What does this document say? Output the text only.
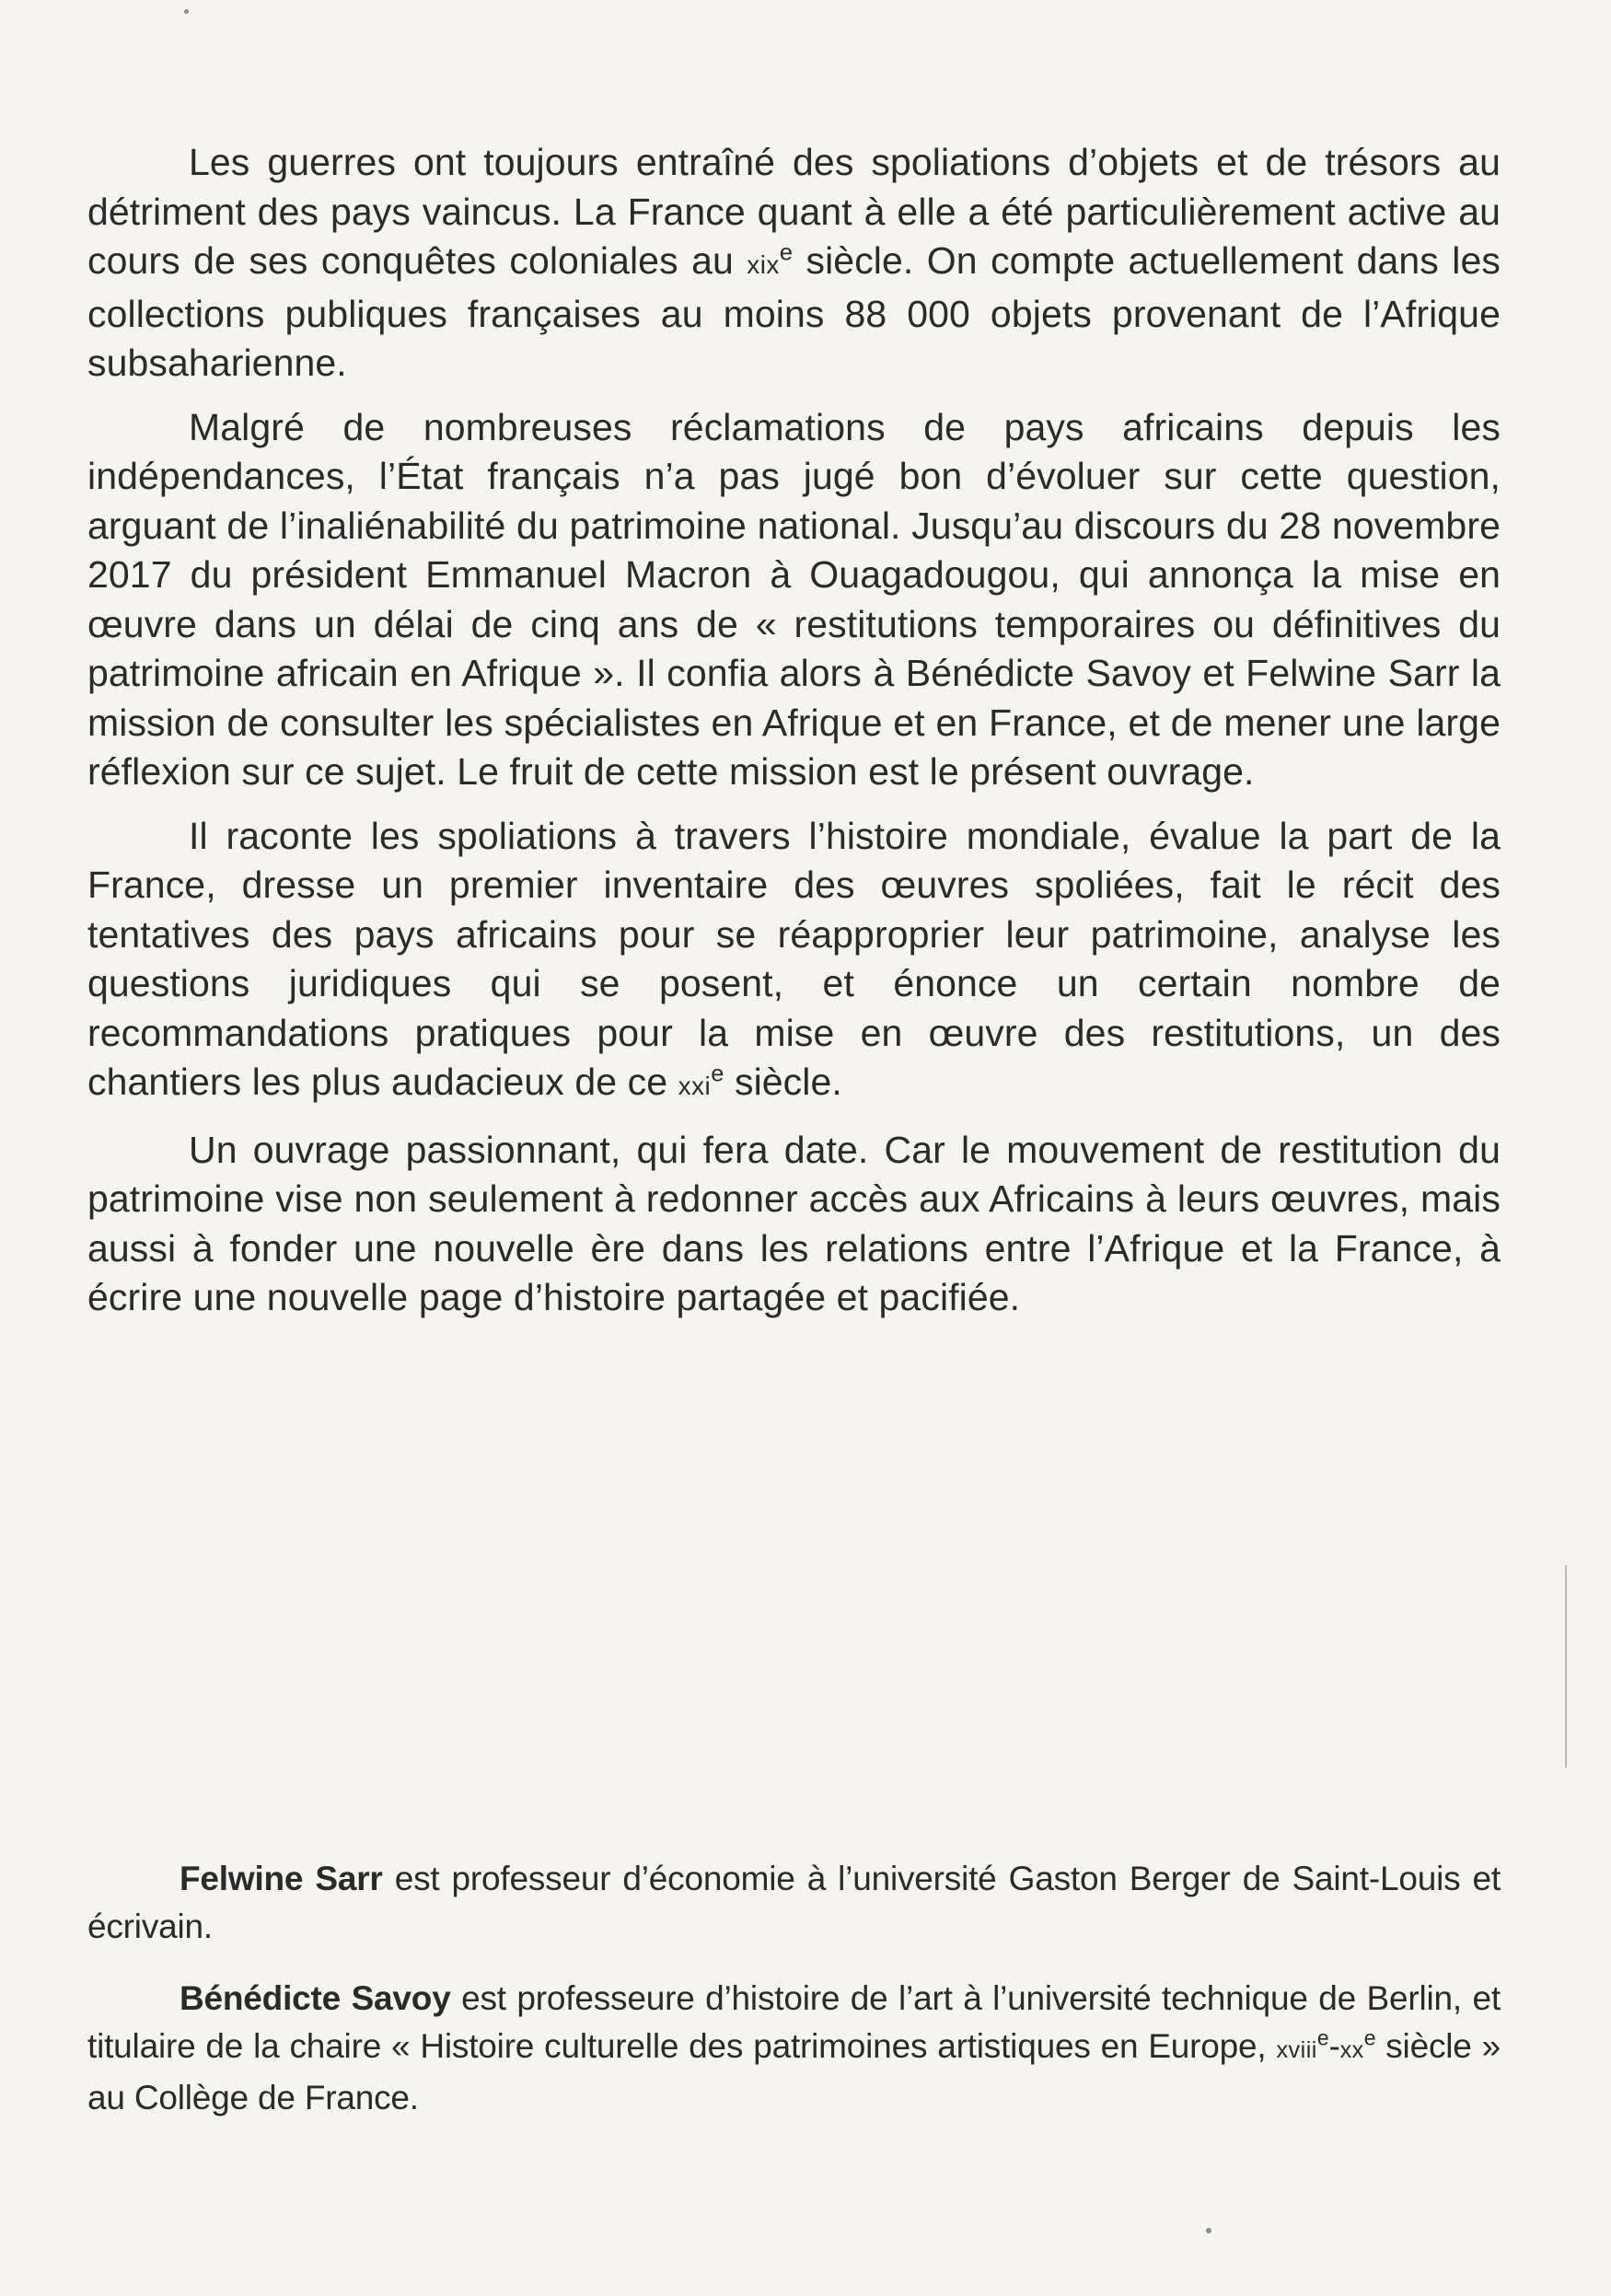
Les guerres ont toujours entraîné des spoliations d’objets et de trésors au détriment des pays vaincus. La France quant à elle a été particulièrement active au cours de ses conquêtes coloniales au xix$^e$ siècle. On compte actuellement dans les collections publiques françaises au moins 88 000 objets provenant de l’Afrique subsaharienne.

Malgré de nombreuses réclamations de pays africains depuis les indépendances, l’État français n’a pas jugé bon d’évoluer sur cette question, arguant de l’inaliénabilité du patrimoine national. Jusqu’au discours du 28 novembre 2017 du président Emmanuel Macron à Ouagadougou, qui annonça la mise en œuvre dans un délai de cinq ans de « restitutions temporaires ou définitives du patrimoine africain en Afrique ». Il confia alors à Bénédicte Savoy et Felwine Sarr la mission de consulter les spécialistes en Afrique et en France, et de mener une large réflexion sur ce sujet. Le fruit de cette mission est le présent ouvrage.

Il raconte les spoliations à travers l’histoire mondiale, évalue la part de la France, dresse un premier inventaire des œuvres spoliées, fait le récit des tentatives des pays africains pour se réapproprier leur patrimoine, analyse les questions juridiques qui se posent, et énonce un certain nombre de recommandations pratiques pour la mise en œuvre des restitutions, un des chantiers les plus audacieux de ce xxi$^e$ siècle.

Un ouvrage passionnant, qui fera date. Car le mouvement de restitution du patrimoine vise non seulement à redonner accès aux Africains à leurs œuvres, mais aussi à fonder une nouvelle ère dans les relations entre l’Afrique et la France, à écrire une nouvelle page d’histoire partagée et pacifiée.

Felwine Sarr est professeur d’économie à l’université Gaston Berger de Saint-Louis et écrivain.

Bénédicte Savoy est professeure d’histoire de l’art à l’université technique de Berlin, et titulaire de la chaire « Histoire culturelle des patrimoines artistiques en Europe, $xviii^e-xx^e$ siècle » au Collège de France.
